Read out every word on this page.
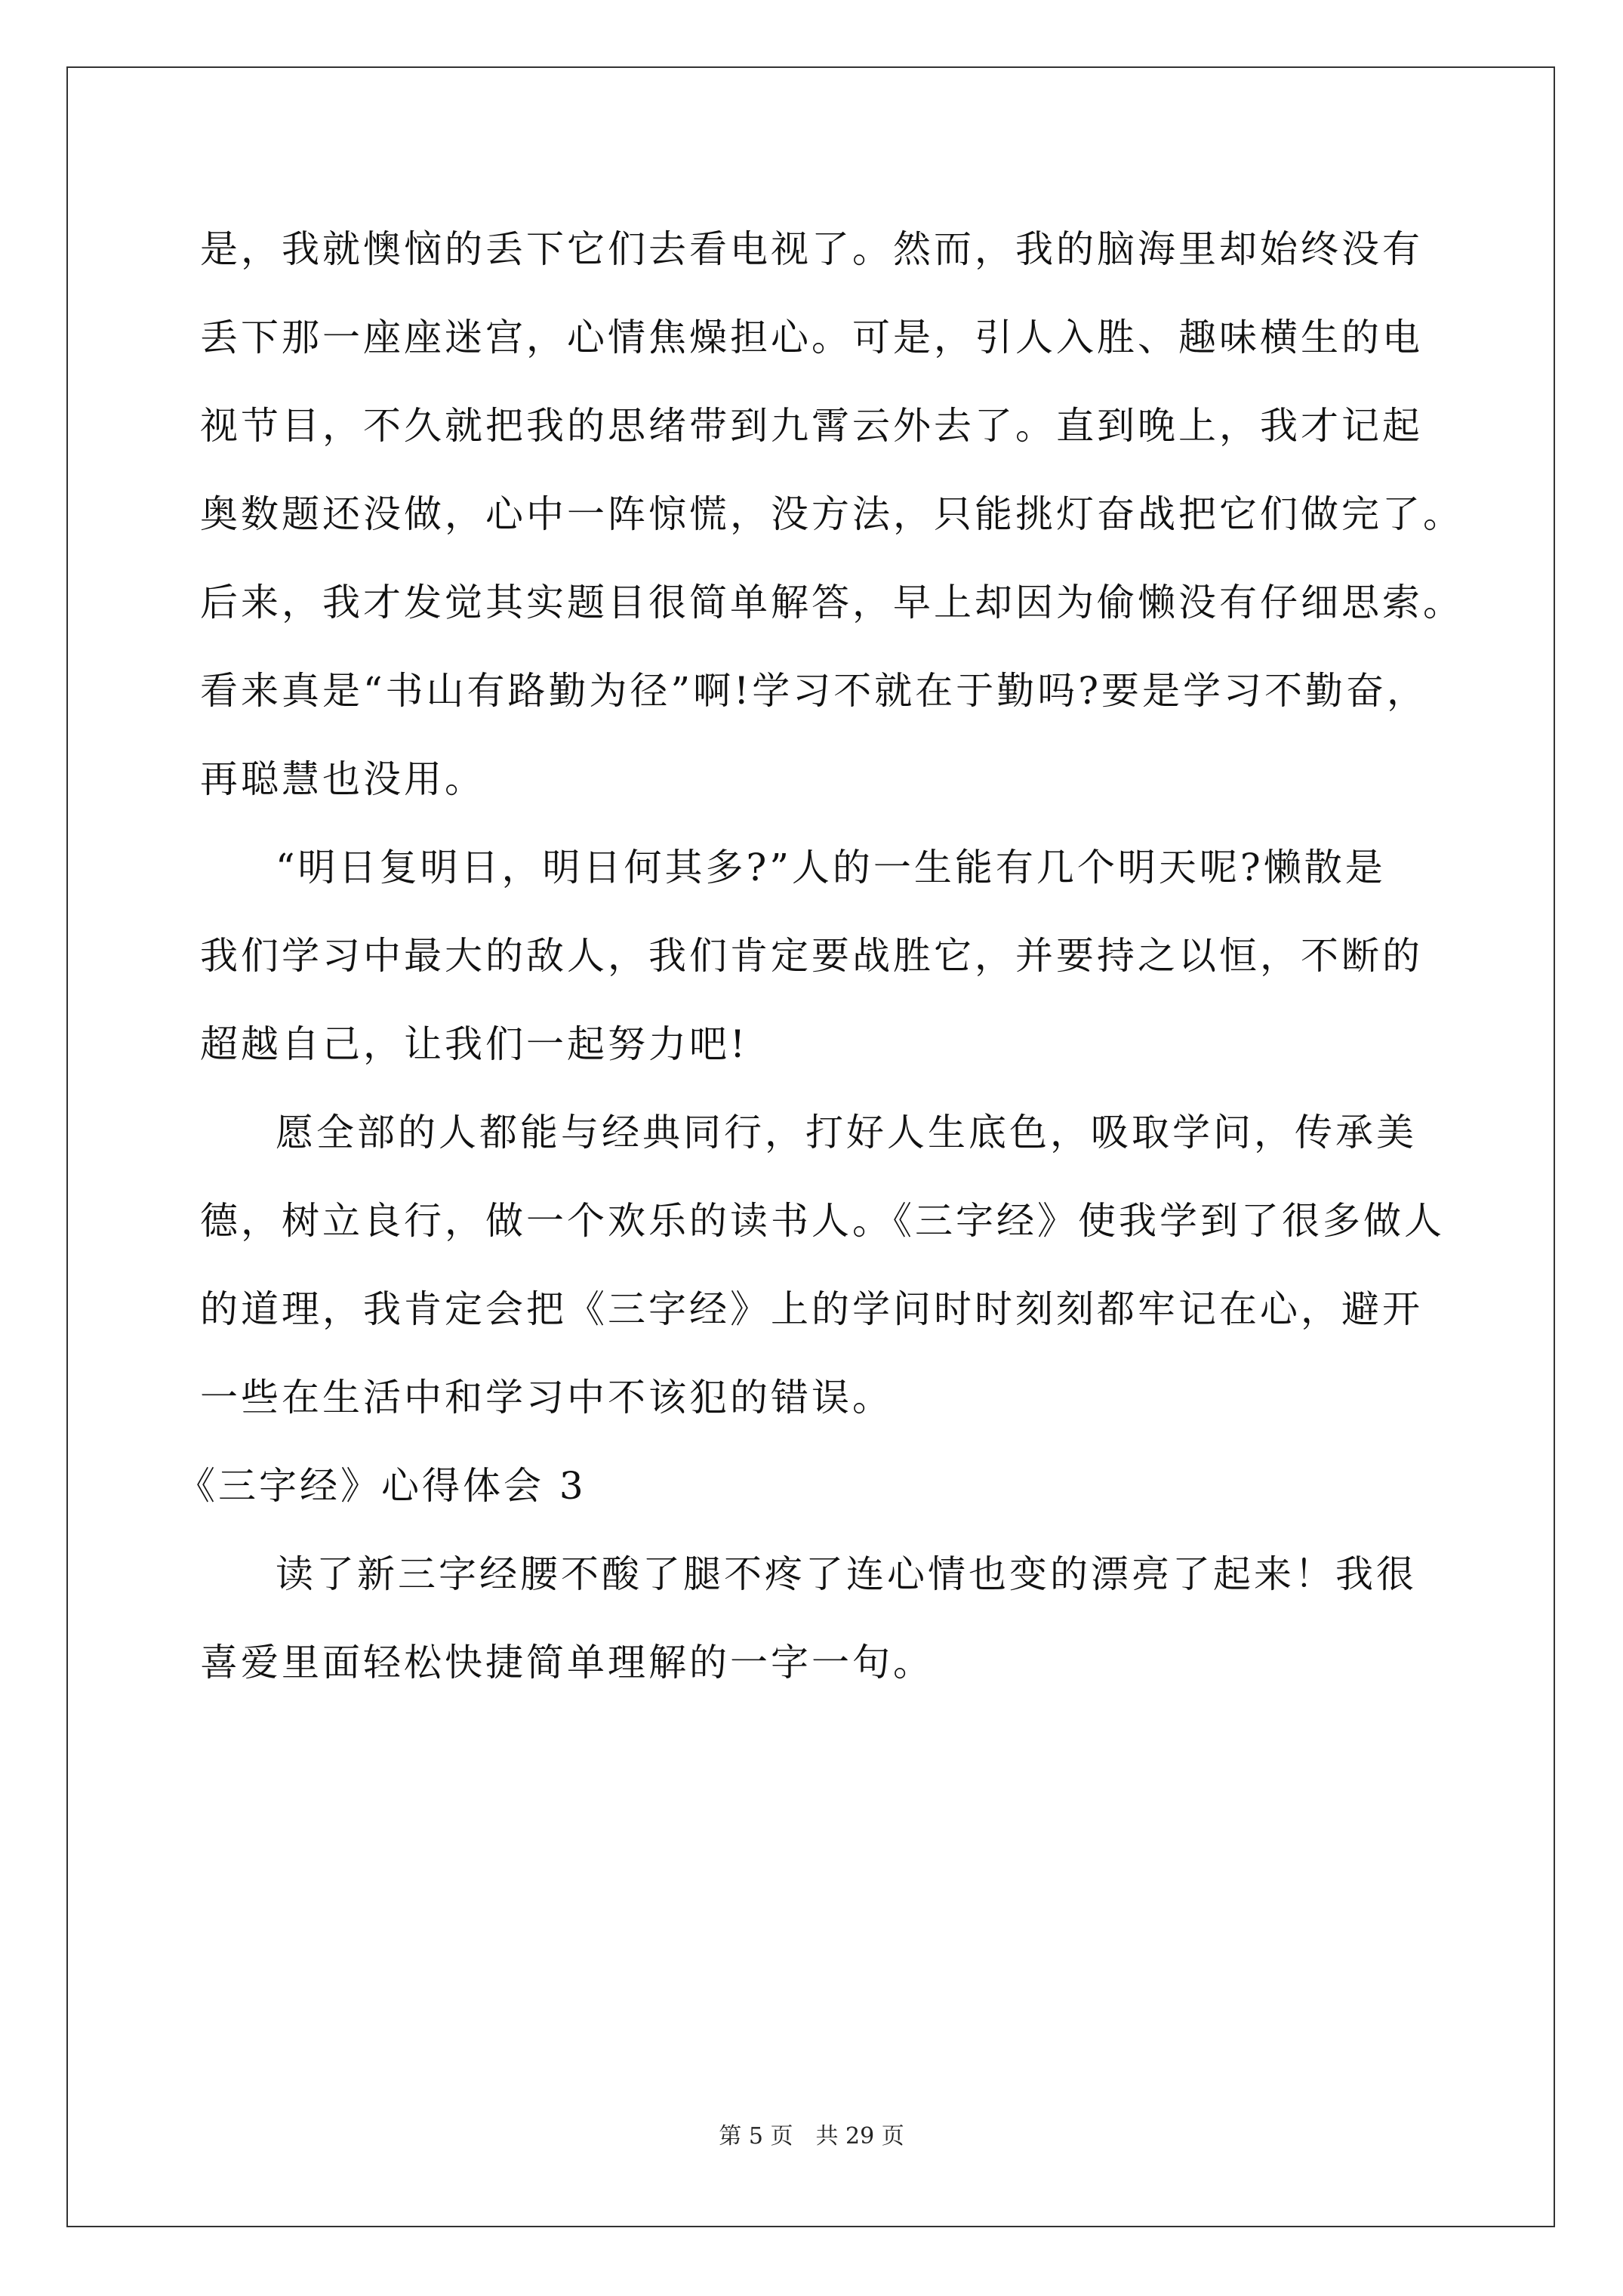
是，我就懊恼的丢下它们去看电视了。然而，我的脑海里却始终没有
丢下那一座座迷宫，心情焦燥担心。可是，引人入胜、趣味横生的电
视节目，不久就把我的思绪带到九霄云外去了。直到晚上，我才记起
奥数题还没做，心中一阵惊慌，没方法，只能挑灯奋战把它们做完了。
后来，我才发觉其实题目很简单解答，早上却因为偷懒没有仔细思索。
看来真是“书山有路勤为径”啊!学习不就在于勤吗?要是学习不勤奋，
再聪慧也没用。
“明日复明日，明日何其多?”人的一生能有几个明天呢?懒散是
我们学习中最大的敌人，我们肯定要战胜它，并要持之以恒，不断的
超越自己，让我们一起努力吧!
愿全部的人都能与经典同行，打好人生底色，吸取学问，传承美
德，树立良行，做一个欢乐的读书人。《三字经》使我学到了很多做人
的道理，我肯定会把《三字经》上的学问时时刻刻都牢记在心，避开
一些在生活中和学习中不该犯的错误。
《三字经》心得体会 3
读了新三字经腰不酸了腿不疼了连心情也变的漂亮了起来！我很
喜爱里面轻松快捷简单理解的一字一句。
第 5 页　共 29 页
